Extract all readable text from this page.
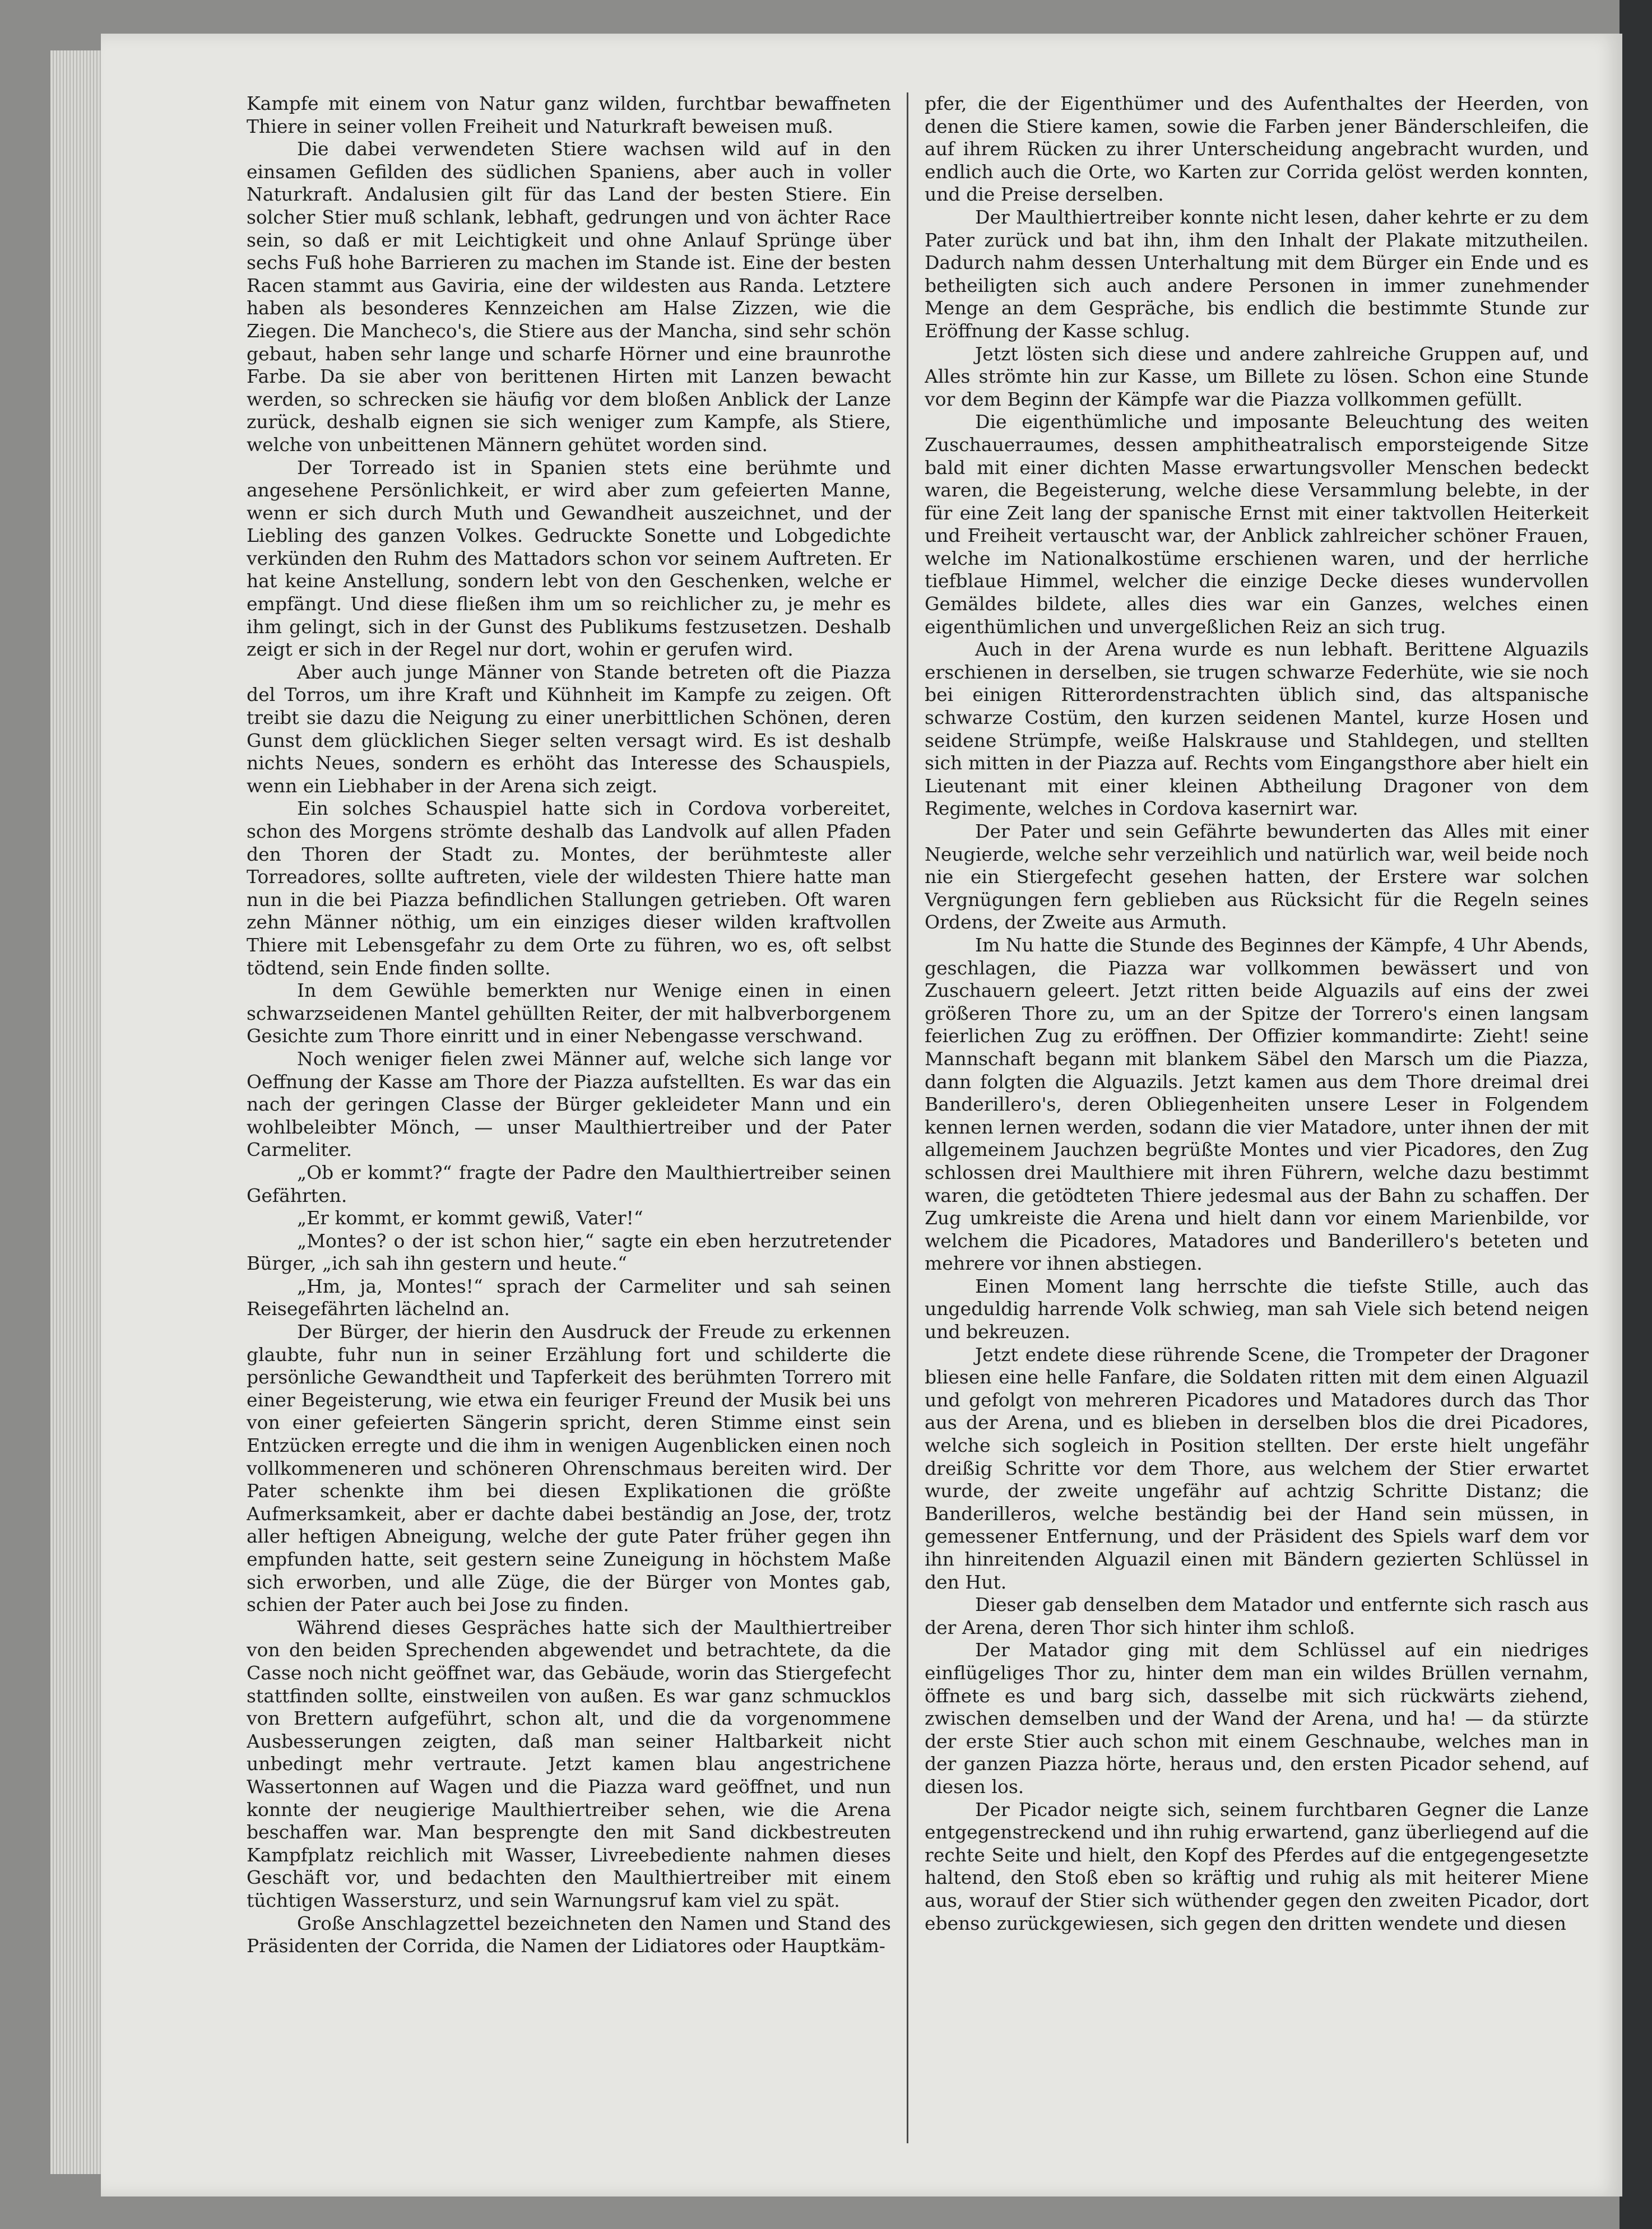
Kampfe mit einem von Natur ganz wilden, furchtbar bewaffneten Thiere in seiner vollen Freiheit und Naturkraft beweisen muß.

Die dabei verwendeten Stiere wachsen wild auf in den einsamen Gefilden des südlichen Spaniens, aber auch in voller Naturkraft. Andalusien gilt für das Land der besten Stiere. Ein solcher Stier muß schlank, lebhaft, gedrungen und von ächter Race sein, so daß er mit Leichtigkeit und ohne Anlauf Sprünge über sechs Fuß hohe Barrieren zu machen im Stande ist. Eine der besten Racen stammt aus Gaviria, eine der wildesten aus Randa. Letztere haben als besonderes Kennzeichen am Halse Zizzen, wie die Ziegen. Die Mancheco's, die Stiere aus der Mancha, sind sehr schön gebaut, haben sehr lange und scharfe Hörner und eine braunrothe Farbe. Da sie aber von berittenen Hirten mit Lanzen bewacht werden, so schrecken sie häufig vor dem bloßen Anblick der Lanze zurück, deshalb eignen sie sich weniger zum Kampfe, als Stiere, welche von unbeittenen Männern gehütet worden sind.

Der Torreado ist in Spanien stets eine berühmte und angesehene Persönlichkeit, er wird aber zum gefeierten Manne, wenn er sich durch Muth und Gewandheit auszeichnet, und der Liebling des ganzen Volkes. Gedruckte Sonette und Lobgedichte verkünden den Ruhm des Mattadors schon vor seinem Auftreten. Er hat keine Anstellung, sondern lebt von den Geschenken, welche er empfängt. Und diese fließen ihm um so reichlicher zu, je mehr es ihm gelingt, sich in der Gunst des Publikums festzusetzen. Deshalb zeigt er sich in der Regel nur dort, wohin er gerufen wird.

Aber auch junge Männer von Stande betreten oft die Piazza del Torros, um ihre Kraft und Kühnheit im Kampfe zu zeigen. Oft treibt sie dazu die Neigung zu einer unerbittlichen Schönen, deren Gunst dem glücklichen Sieger selten versagt wird. Es ist deshalb nichts Neues, sondern es erhöht das Interesse des Schauspiels, wenn ein Liebhaber in der Arena sich zeigt.

Ein solches Schauspiel hatte sich in Cordova vorbereitet, schon des Morgens strömte deshalb das Landvolk auf allen Pfaden den Thoren der Stadt zu. Montes, der berühmteste aller Torreadores, sollte auftreten, viele der wildesten Thiere hatte man nun in die bei Piazza befindlichen Stallungen getrieben. Oft waren zehn Männer nöthig, um ein einziges dieser wilden kraftvollen Thiere mit Lebensgefahr zu dem Orte zu führen, wo es, oft selbst tödtend, sein Ende finden sollte.

In dem Gewühle bemerkten nur Wenige einen in einen schwarzseidenen Mantel gehüllten Reiter, der mit halbverborgenem Gesichte zum Thore einritt und in einer Nebengasse verschwand.

Noch weniger fielen zwei Männer auf, welche sich lange vor Oeffnung der Kasse am Thore der Piazza aufstellten. Es war das ein nach der geringen Classe der Bürger gekleideter Mann und ein wohlbeleibter Mönch, — unser Maulthiertreiber und der Pater Carmeliter.

„Ob er kommt?“ fragte der Padre den Maulthiertreiber seinen Gefährten.

„Er kommt, er kommt gewiß, Vater!“

„Montes? o der ist schon hier,“ sagte ein eben herzutretender Bürger, „ich sah ihn gestern und heute.“

„Hm, ja, Montes!“ sprach der Carmeliter und sah seinen Reisegefährten lächelnd an.

Der Bürger, der hierin den Ausdruck der Freude zu erkennen glaubte, fuhr nun in seiner Erzählung fort und schilderte die persönliche Gewandtheit und Tapferkeit des berühmten Torrero mit einer Begeisterung, wie etwa ein feuriger Freund der Musik bei uns von einer gefeierten Sängerin spricht, deren Stimme einst sein Entzücken erregte und die ihm in wenigen Augenblicken einen noch vollkommeneren und schöneren Ohrenschmaus bereiten wird. Der Pater schenkte ihm bei diesen Explikationen die größte Aufmerksamkeit, aber er dachte dabei beständig an Jose, der, trotz aller heftigen Abneigung, welche der gute Pater früher gegen ihn empfunden hatte, seit gestern seine Zuneigung in höchstem Maße sich erworben, und alle Züge, die der Bürger von Montes gab, schien der Pater auch bei Jose zu finden.

Während dieses Gespräches hatte sich der Maulthiertreiber von den beiden Sprechenden abgewendet und betrachtete, da die Casse noch nicht geöffnet war, das Gebäude, worin das Stiergefecht stattfinden sollte, einstweilen von außen. Es war ganz schmucklos von Brettern aufgeführt, schon alt, und die da vorgenommene Ausbesserungen zeigten, daß man seiner Haltbarkeit nicht unbedingt mehr vertraute. Jetzt kamen blau angestrichene Wassertonnen auf Wagen und die Piazza ward geöffnet, und nun konnte der neugierige Maulthiertreiber sehen, wie die Arena beschaffen war. Man besprengte den mit Sand dickbestreuten Kampfplatz reichlich mit Wasser, Livreebediente nahmen dieses Geschäft vor, und bedachten den Maulthiertreiber mit einem tüchtigen Wassersturz, und sein Warnungsruf kam viel zu spät.

Große Anschlagzettel bezeichneten den Namen und Stand des Präsidenten der Corrida, die Namen der Lidiatores oder Hauptkäm-

pfer, die der Eigenthümer und des Aufenthaltes der Heerden, von denen die Stiere kamen, sowie die Farben jener Bänderschleifen, die auf ihrem Rücken zu ihrer Unterscheidung angebracht wurden, und endlich auch die Orte, wo Karten zur Corrida gelöst werden konnten, und die Preise derselben.

Der Maulthiertreiber konnte nicht lesen, daher kehrte er zu dem Pater zurück und bat ihn, ihm den Inhalt der Plakate mitzutheilen. Dadurch nahm dessen Unterhaltung mit dem Bürger ein Ende und es betheiligten sich auch andere Personen in immer zunehmender Menge an dem Gespräche, bis endlich die bestimmte Stunde zur Eröffnung der Kasse schlug.

Jetzt lösten sich diese und andere zahlreiche Gruppen auf, und Alles strömte hin zur Kasse, um Billete zu lösen. Schon eine Stunde vor dem Beginn der Kämpfe war die Piazza vollkommen gefüllt.

Die eigenthümliche und imposante Beleuchtung des weiten Zuschauerraumes, dessen amphitheatralisch emporsteigende Sitze bald mit einer dichten Masse erwartungsvoller Menschen bedeckt waren, die Begeisterung, welche diese Versammlung belebte, in der für eine Zeit lang der spanische Ernst mit einer taktvollen Heiterkeit und Freiheit vertauscht war, der Anblick zahlreicher schöner Frauen, welche im Nationalkostüme erschienen waren, und der herrliche tiefblaue Himmel, welcher die einzige Decke dieses wundervollen Gemäldes bildete, alles dies war ein Ganzes, welches einen eigenthümlichen und unvergeßlichen Reiz an sich trug.

Auch in der Arena wurde es nun lebhaft. Berittene Alguazils erschienen in derselben, sie trugen schwarze Federhüte, wie sie noch bei einigen Ritterordenstrachten üblich sind, das altspanische schwarze Costüm, den kurzen seidenen Mantel, kurze Hosen und seidene Strümpfe, weiße Halskrause und Stahldegen, und stellten sich mitten in der Piazza auf. Rechts vom Eingangsthore aber hielt ein Lieutenant mit einer kleinen Abtheilung Dragoner von dem Regimente, welches in Cordova kasernirt war.

Der Pater und sein Gefährte bewunderten das Alles mit einer Neugierde, welche sehr verzeihlich und natürlich war, weil beide noch nie ein Stiergefecht gesehen hatten, der Erstere war solchen Vergnügungen fern geblieben aus Rücksicht für die Regeln seines Ordens, der Zweite aus Armuth.

Im Nu hatte die Stunde des Beginnes der Kämpfe, 4 Uhr Abends, geschlagen, die Piazza war vollkommen bewässert und von Zuschauern geleert. Jetzt ritten beide Alguazils auf eins der zwei größeren Thore zu, um an der Spitze der Torrero's einen langsam feierlichen Zug zu eröffnen. Der Offizier kommandirte: Zieht! seine Mannschaft begann mit blankem Säbel den Marsch um die Piazza, dann folgten die Alguazils. Jetzt kamen aus dem Thore dreimal drei Banderillero's, deren Obliegenheiten unsere Leser in Folgendem kennen lernen werden, sodann die vier Matadore, unter ihnen der mit allgemeinem Jauchzen begrüßte Montes und vier Picadores, den Zug schlossen drei Maulthiere mit ihren Führern, welche dazu bestimmt waren, die getödteten Thiere jedesmal aus der Bahn zu schaffen. Der Zug umkreiste die Arena und hielt dann vor einem Marienbilde, vor welchem die Picadores, Matadores und Banderillero's beteten und mehrere vor ihnen abstiegen.

Einen Moment lang herrschte die tiefste Stille, auch das ungeduldig harrende Volk schwieg, man sah Viele sich betend neigen und bekreuzen.

Jetzt endete diese rührende Scene, die Trompeter der Dragoner bliesen eine helle Fanfare, die Soldaten ritten mit dem einen Alguazil und gefolgt von mehreren Picadores und Matadores durch das Thor aus der Arena, und es blieben in derselben blos die drei Picadores, welche sich sogleich in Position stellten. Der erste hielt ungefähr dreißig Schritte vor dem Thore, aus welchem der Stier erwartet wurde, der zweite ungefähr auf achtzig Schritte Distanz; die Banderilleros, welche beständig bei der Hand sein müssen, in gemessener Entfernung, und der Präsident des Spiels warf dem vor ihn hinreitenden Alguazil einen mit Bändern gezierten Schlüssel in den Hut.

Dieser gab denselben dem Matador und entfernte sich rasch aus der Arena, deren Thor sich hinter ihm schloß.

Der Matador ging mit dem Schlüssel auf ein niedriges einflügeliges Thor zu, hinter dem man ein wildes Brüllen vernahm, öffnete es und barg sich, dasselbe mit sich rückwärts ziehend, zwischen demselben und der Wand der Arena, und ha! — da stürzte der erste Stier auch schon mit einem Geschnaube, welches man in der ganzen Piazza hörte, heraus und, den ersten Picador sehend, auf diesen los.

Der Picador neigte sich, seinem furchtbaren Gegner die Lanze entgegenstreckend und ihn ruhig erwartend, ganz überliegend auf die rechte Seite und hielt, den Kopf des Pferdes auf die entgegengesetzte haltend, den Stoß eben so kräftig und ruhig als mit heiterer Miene aus, worauf der Stier sich wüthender gegen den zweiten Picador, dort ebenso zurückgewiesen, sich gegen den dritten wendete und diesen
